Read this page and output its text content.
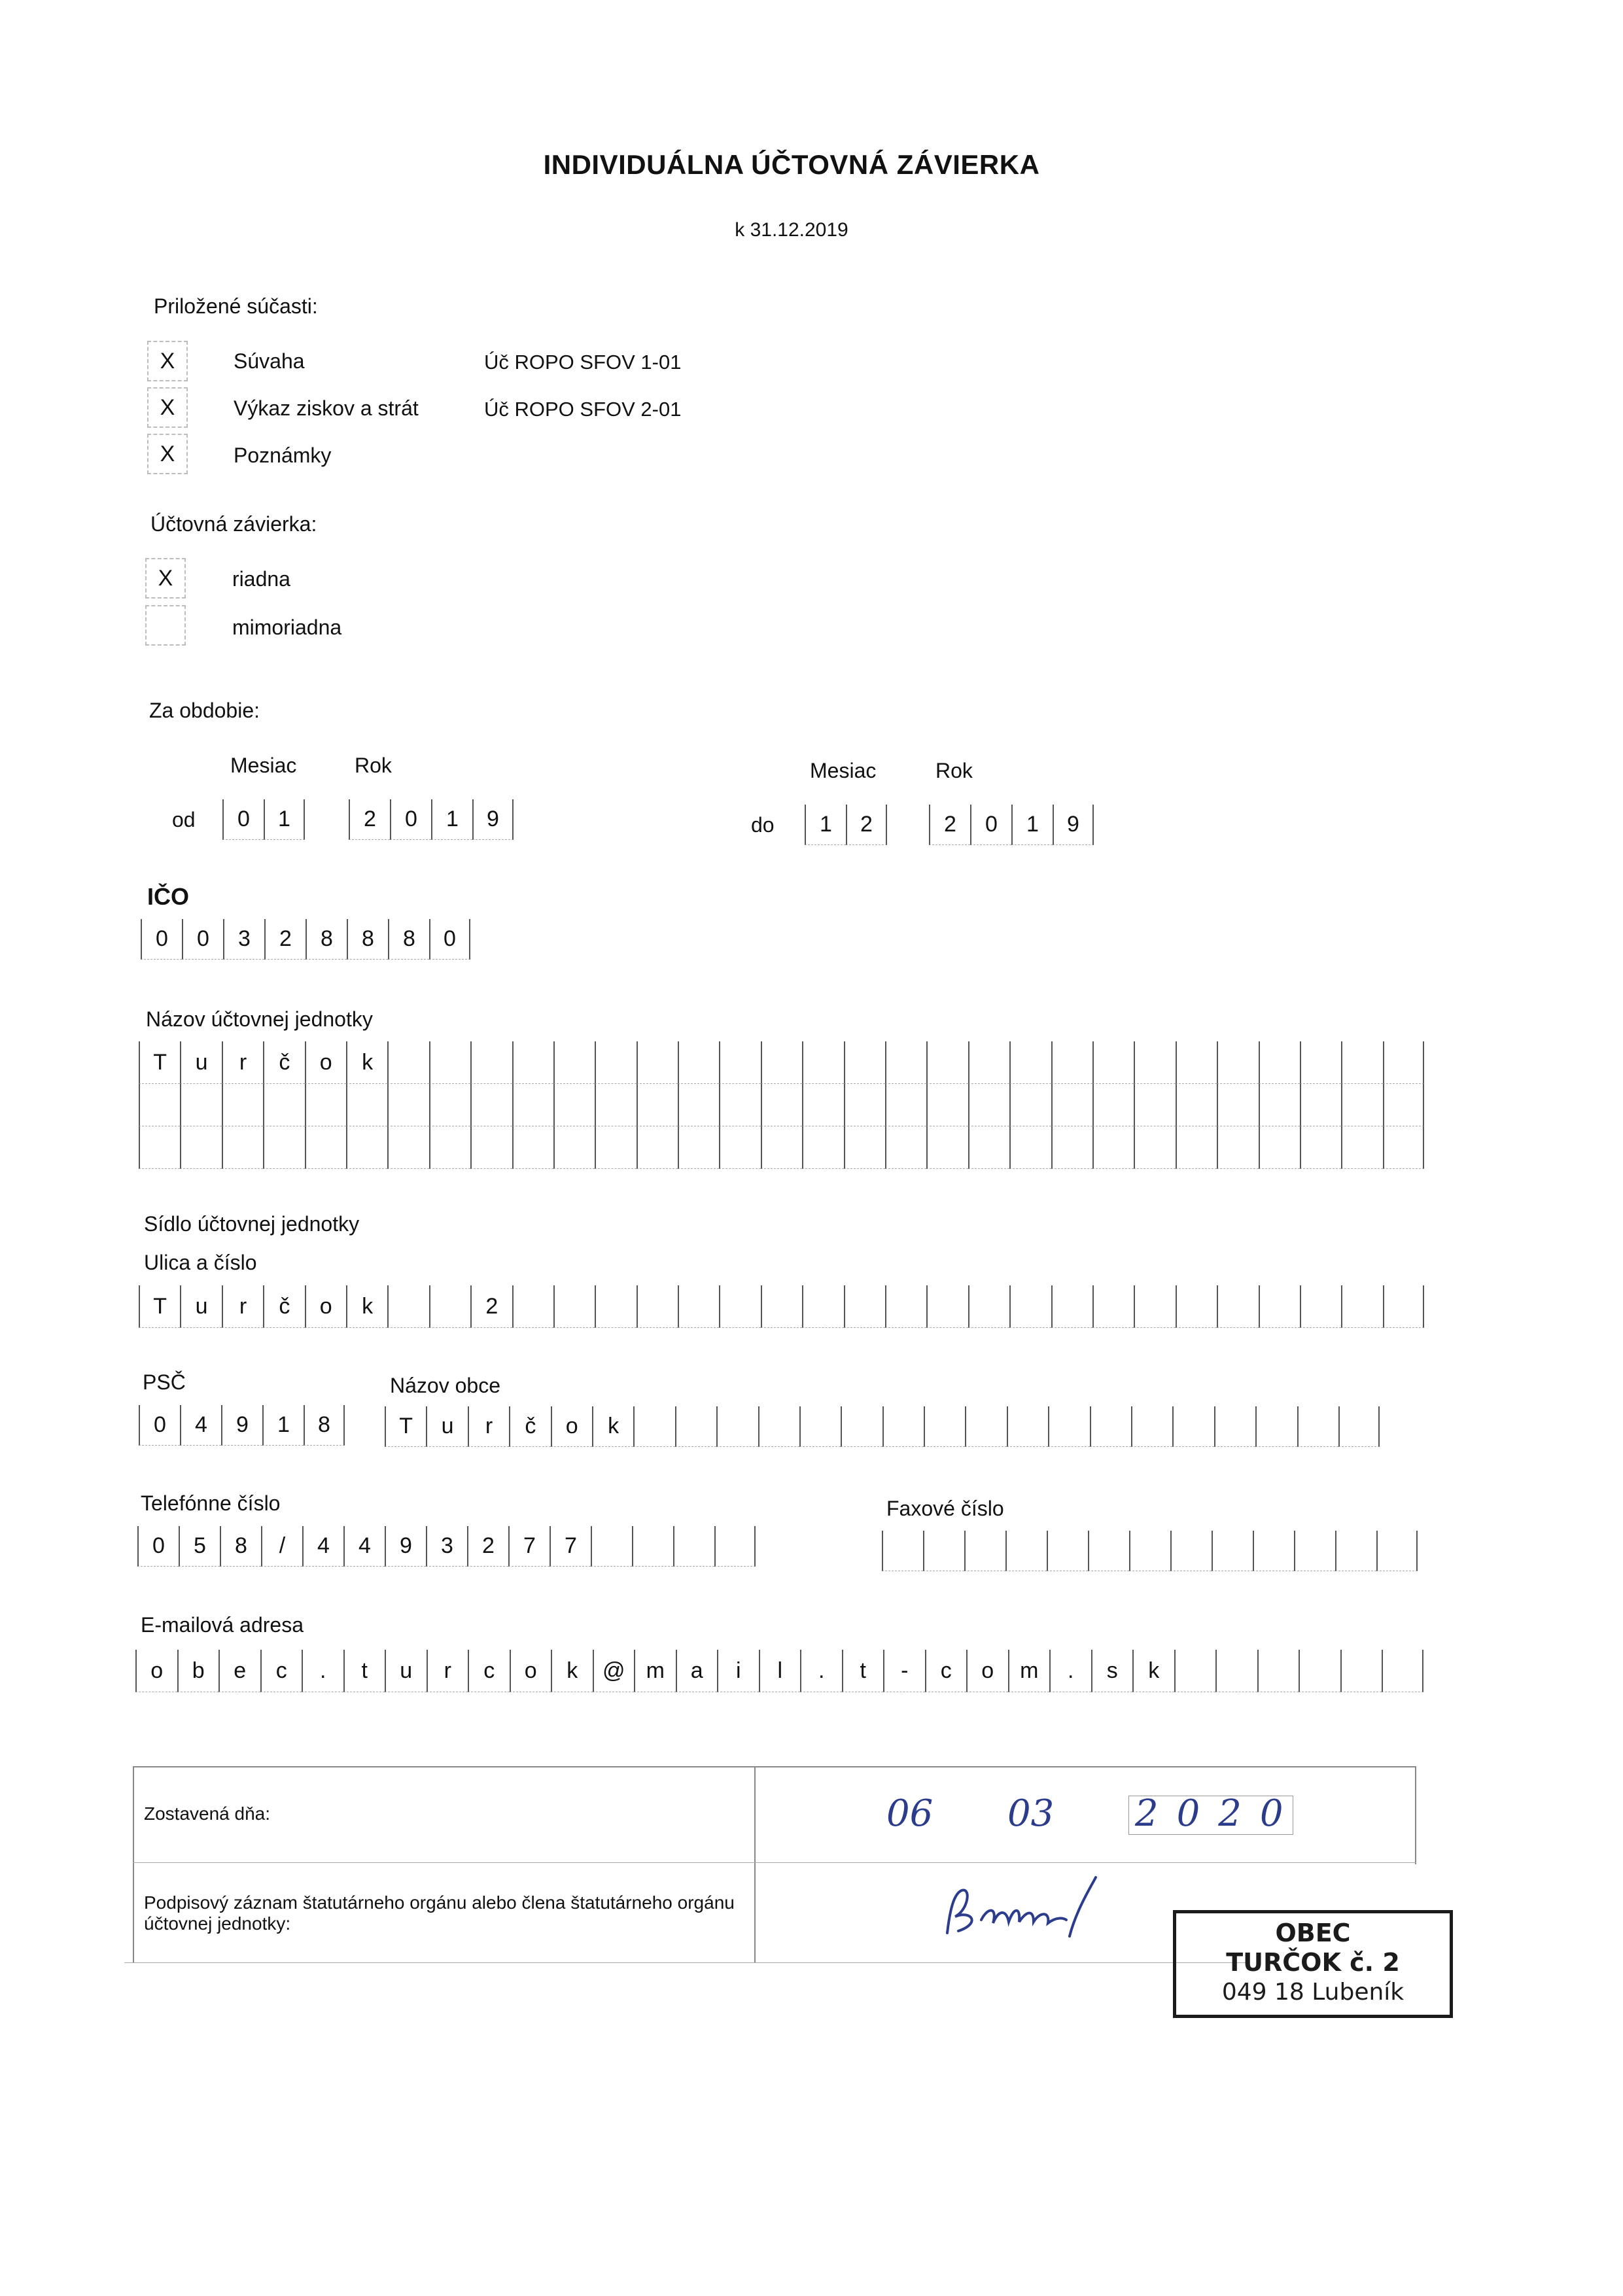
INDIVIDUÁLNA ÚČTOVNÁ ZÁVIERKA
k 31.12.2019
Priložené súčasti:
X	Súvaha	Úč ROPO SFOV 1-01
X	Výkaz ziskov a strát	Úč ROPO SFOV 2-01
X	Poznámky
Účtovná závierka:
X	riadna
mimoriadna
Za obdobie:
Mesiac	Rok	Mesiac	Rok
od	0	1	2	0	1	9	do	1	2	2	0	1	9
IČO
0	0	3	2	8	8	8	0
Názov účtovnej jednotky
T	u	r	č	o	k
Sídlo účtovnej jednotky
Ulica a číslo
T	u	r	č	o	k	2
PSČ
0	4	9	1	8
Názov obce
T	u	r	č	o	k
Telefónne číslo
0	5	8	/	4	4	9	3	2	7	7
Faxové číslo
E-mailová adresa
o	b	e	c	.	t	u	r	c	o	k	@ m	a	i	l	.	t	-	c	o	m	.	s	k
Zostavená dňa:	06 03 2020
Podpisový záznam štatutárneho orgánu alebo člena štatutárneho orgánu
účtovnej jednotky:	OBEC
TURČOK č. 2
049 18 Lubeník
